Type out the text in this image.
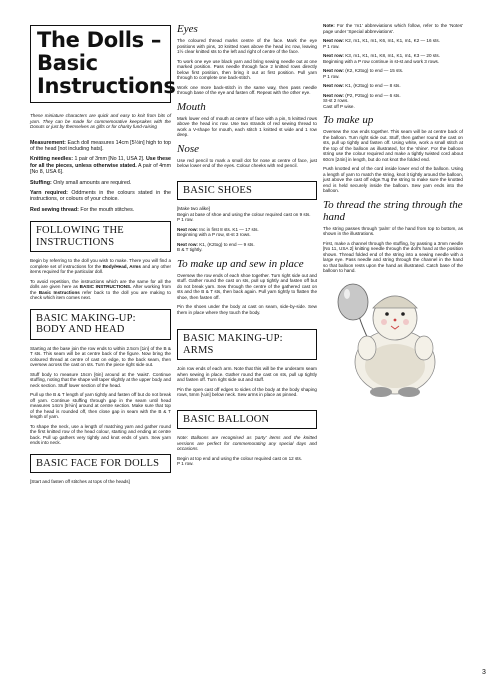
The Dolls – Basic Instructions

These miniature characters are quick and easy to knit from bits of yarn. They can be made for commemorative keepsakes with the Donuts or just by themselves as gifts or for charity fund-raising

Measurement: Each doll measures 14cm [5½in] high to top of the head [not including hats].

Knitting needles: 1 pair of 3mm [No 11, USA 2]. Use these for all the pieces, unless otherwise stated. A pair of 4mm [No 8, USA 6].

Stuffing: Only small amounts are required.

Yarn required: Oddments in the colours stated in the instructions, or colours of your choice.

Red sewing thread: For the mouth stitches.

FOLLOWING THE INSTRUCTIONS

Begin by referring to the doll you wish to make. There you will find a complete set of instructions for the Body/Head, Arms and any other items required for the particular doll.

To avoid repetition, the instructions which are the same for all the dolls are given here as BASIC INSTRUCTIONS. After working from the Basic Instructions refer back to the doll you are making to check which item comes next.

BASIC MAKING-UP: BODY AND HEAD

Starting at the base join the row ends to within 2.5cm [1in] of the B & T sts. This seam will be at centre back of the figure. Now bring the coloured thread at centre of cast on edge, to the back seam, then oversew across the cast on sts. Turn the piece right side out.

Stuff body to measure 15cm [6in] around at the 'waist'. Continue stuffing, noting that the shape will taper slightly at the upper body and neck section. Stuff lower section of the head.

Pull up the B & T length of yarn tightly and fasten off but do not break off yarn. Continue stuffing through gap in the seam until head measures 14cm [5½in] around at centre section. Make sure that top of the head is rounded off, then close gap in seam with the B & T length of yarn.

To shape the neck, use a length of matching yarn and gather round the first knitted row of the head colour, starting and ending at centre back. Pull up gathers very tightly and knot ends of yarn. Sew yarn ends into neck.

BASIC FACE FOR DOLLS

[Start and fasten off stitches at tops of the heads]

Eyes

The coloured thread marks centre of the face. Mark the eye positions with pins, 10 knitted rows above the head inc row, leaving 1½ clear knitted sts to the left and right of centre of the face.

To work one eye use black yarn and bring sewing needle out at one marked position. Pass needle through face 2 knitted rows directly below first position, then bring it out at first position. Pull yarn through to complete one back-stitch.

Work one more back-stitch in the same way, then pass needle through base of the eye and fasten off. Repeat with the other eye.

Mouth

Mark lower end of mouth at centre of face with a pin, 5 knitted rows above the head inc row. Use two strands of red sewing thread to work a V-shape for mouth, each stitch 1 knitted st wide and 1 row deep.

Nose

Use red pencil to mark a small dot for nose at centre of face, just below lower end of the eyes. Colour cheeks with red pencil.

BASIC SHOES

[Make two alike]

Begin at base of shoe and using the colour required cast on 9 sts.

P 1 row.

Next row: Inc in first 8 sts. K1 — 17 sts.

Beginning with a P row, st-st 3 rows.

Next row: K1, (K2tog) to end — 9 sts.

B & T tightly.

To make up and sew in place

Oversew the row ends of each shoe together. Turn right side out and stuff. Gather round the cast on sts, pull up tightly and fasten off but do not break yarn. Sew through the centre of the gathered cast on sts and the B & T sts, then back again. Pull yarn tightly to flatten the shoe, then fasten off.

Pin the shoes under the body at cast on seam, side-by-side. Sew them in place where they touch the body.

BASIC MAKING-UP: ARMS

Join row ends of each arm. Note that this will be the underarm seam when sewing in place. Gather round the cast on sts, pull up tightly and fasten off. Turn right side out and stuff.

Pin the open cast off edges to sides of the body at the body shaping rows, 5mm [¼in] below neck. Sew arms in place as pinned.

BASIC BALLOON

Note: Balloons are recognised as 'party' items and the knitted versions are perfect for commemorating any special days and occasions.

Begin at top end and using the colour required cast on 12 sts.

P 1 row.

Note: For the 'm1' abbreviations which follow, refer to the 'Notes' page under 'Special abbreviations'.

Next row: K2, m1, K1, m1, K6, m1, K1, m1, K2 — 16 sts.

P 1 row.

Next row: K3, m1, K1, m1, K8, m1, K1, m1, K3 — 20 sts.

Beginning with a P row continue in st-st and work 3 rows.

Next row: (K2, K2tog) to end — 15 sts.

P 1 row.

Next row: K1, (K2tog) to end — 8 sts.

Next row: (P2, P2tog) to end — 6 sts.

St-st 2 rows.

Cast off P wise.

To make up

Oversew the row ends together. This seam will be at centre back of the balloon. Turn right side out. Stuff, then gather round the cast on sts, pull up tightly and fasten off. Using white, work a small stitch at the top of the balloon as illustrated, for the 'shine'. For the balloon string use the colour required and make a tightly twisted cord about 60cm [24in] in length, but do not knot the folded end.

Push knotted end of the cord inside lower end of the balloon. Using a length of yarn to match the string, knot it tightly around the balloon, just above the cast off edge.Tug the string to make sure the knotted end is held securely inside the balloon. Sew yarn ends into the balloon.

To thread the string through the hand

The string passes through 'palm' of the hand from top to bottom, as shown in the illustrations.

First, make a channel through the stuffing, by passing a 3mm needle [No 11, USA 2] knitting needle through the doll's hand at the position shown. Thread folded end of the string into a sewing needle with a large eye. Pass needle and string through the channel in the hand so that balloon rests upon the hand as illustrated. Catch base of the balloon to hand.

3
